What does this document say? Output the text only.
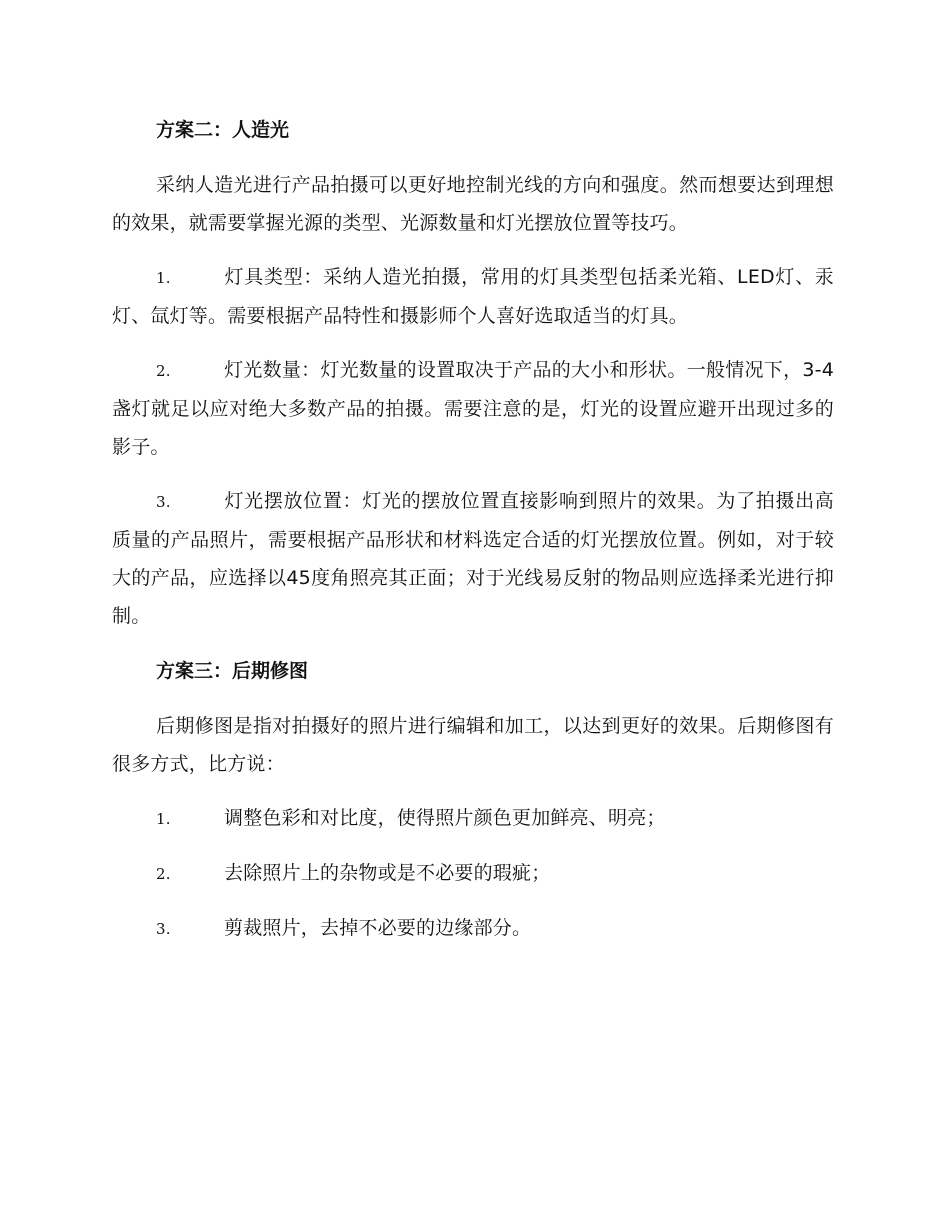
方案二：人造光

采纳人造光进行产品拍摄可以更好地控制光线的方向和强度。然而想要达到理想的效果，就需要掌握光源的类型、光源数量和灯光摆放位置等技巧。

1.	灯具类型：采纳人造光拍摄，常用的灯具类型包括柔光箱、LED灯、汞灯、氙灯等。需要根据产品特性和摄影师个人喜好选取适当的灯具。

2.	灯光数量：灯光数量的设置取决于产品的大小和形状。一般情况下，3-4盏灯就足以应对绝大多数产品的拍摄。需要注意的是，灯光的设置应避开出现过多的影子。

3.	灯光摆放位置：灯光的摆放位置直接影响到照片的效果。为了拍摄出高质量的产品照片，需要根据产品形状和材料选定合适的灯光摆放位置。例如，对于较大的产品，应选择以45度角照亮其正面；对于光线易反射的物品则应选择柔光进行抑制。

方案三：后期修图

后期修图是指对拍摄好的照片进行编辑和加工，以达到更好的效果。后期修图有很多方式，比方说：

1.	调整色彩和对比度，使得照片颜色更加鲜亮、明亮；

2.	去除照片上的杂物或是不必要的瑕疵；

3.	剪裁照片，去掉不必要的边缘部分。
